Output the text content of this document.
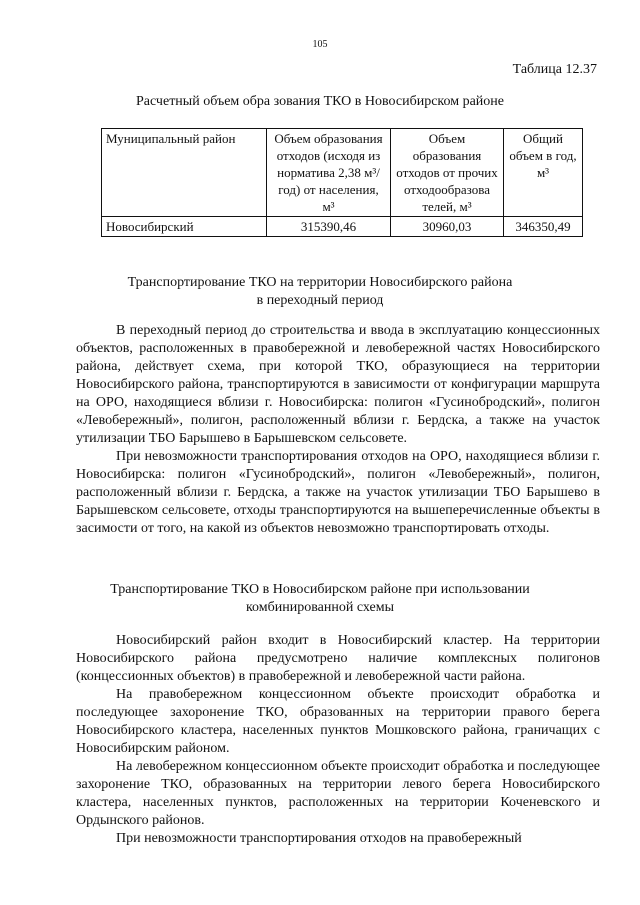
105
Таблица 12.37
Расчетный объем обра зования ТКО в Новосибирском районе
Муниципальный район	Объем образования отходов (исходя из норматива 2,38 м³/год) от населения, м³	Объем образования отходов от прочих отходообразова телей, м³	Общий объем в год, м³
Новосибирский	315390,46	30960,03	346350,49
Транспортирование ТКО на территории Новосибирского района
в переходный период

В переходный период до строительства и ввода в эксплуатацию концессионных объектов, расположенных в правобережной и левобережной частях Новосибирского района, действует схема, при которой ТКО, образующиеся на территории Новосибирского района, транспортируются в зависимости от конфигурации маршрута на ОРО, находящиеся вблизи г. Новосибирска: полигон «Гусинобродский», полигон «Левобережный», полигон, расположенный вблизи г. Бердска, а также на участок утилизации ТБО Барышево в Барышевском сельсовете.

При невозможности транспортирования отходов на ОРО, находящиеся вблизи г. Новосибирска: полигон «Гусинобродский», полигон «Левобережный», полигон, расположенный вблизи г. Бердска, а также на участок утилизации ТБО Барышево в Барышевском сельсовете, отходы транспортируются на вышеперечисленные объекты в засимости от того, на какой из объектов невозможно транспортировать отходы.

Транспортирование ТКО в Новосибирском районе при использовании
комбинированной схемы

Новосибирский район входит в Новосибирский кластер. На территории Новосибирского района предусмотрено наличие комплексных полигонов (концессионных объектов) в правобережной и левобережной части района.

На правобережном концессионном объекте происходит обработка и последующее захоронение ТКО, образованных на территории правого берега Новосибирского кластера, населенных пунктов Мошковского района, граничащих с Новосибирским районом.

На левобережном концессионном объекте происходит обработка и последующее захоронение ТКО, образованных на территории левого берега Новосибирского кластера, населенных пунктов, расположенных на территории Коченевского и Ордынского районов.

При невозможности транспортирования отходов на правобережный
